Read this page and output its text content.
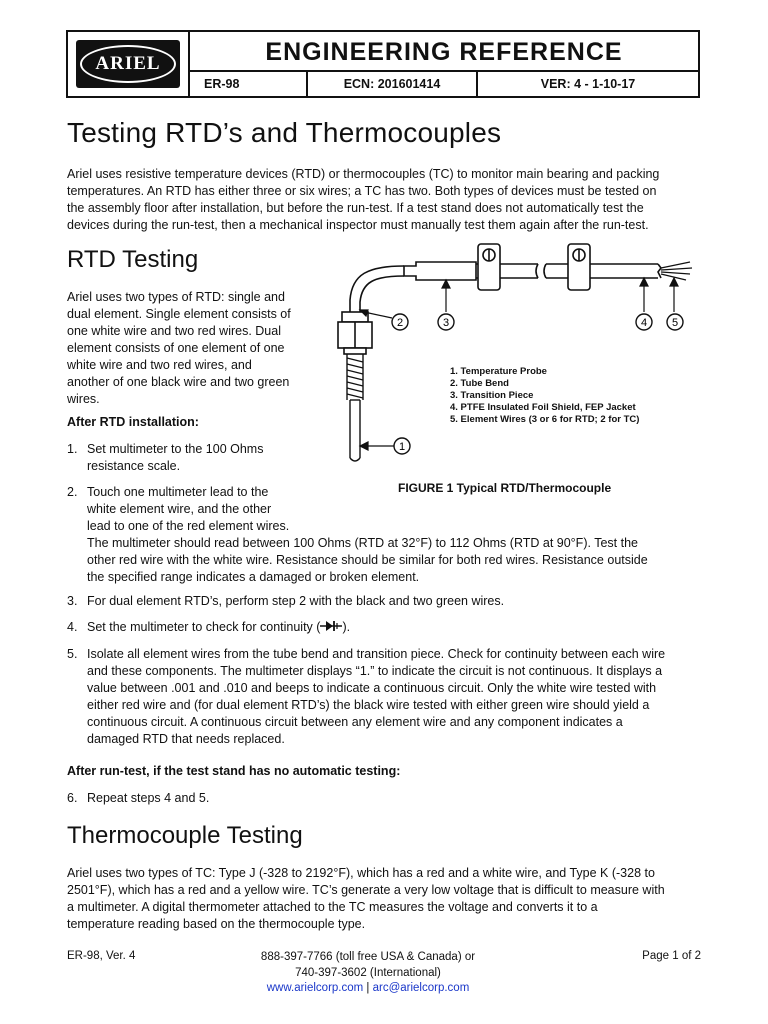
ARIEL	ENGINEERING REFERENCE
ER-98	ECN: 201601414	VER: 4 - 1-10-17
Testing RTD’s and Thermocouples
Ariel uses resistive temperature devices (RTD) or thermocouples (TC) to monitor main bearing and packing
temperatures. An RTD has either three or six wires; a TC has two. Both types of devices must be tested on
the assembly floor after installation, but before the run-test. If a test stand does not automatically test the
devices during the run-test, then a mechanical inspector must manually test them again after the run-test.
RTD Testing
Ariel uses two types of RTD: single and
dual element. Single element consists of
one white wire and two red wires. Dual
element consists of one element of one
white wire and two red wires, and
another of one black wire and two green
wires.
After RTD installation:
1. Set multimeter to the 100 Ohms
resistance scale.
2. Touch one multimeter lead to the
white element wire, and the other
lead to one of the red element wires.
The multimeter should read between 100 Ohms (RTD at 32°F) to 112 Ohms (RTD at 90°F). Test the
other red wire with the white wire. Resistance should be similar for both red wires. Resistance outside
the specified range indicates a damaged or broken element.
3. For dual element RTD’s, perform step 2 with the black and two green wires.
4. Set the multimeter to check for continuity ( ).
5. Isolate all element wires from the tube bend and transition piece. Check for continuity between each wire
and these components. The multimeter displays “1.” to indicate the circuit is not continuous. It displays a
value between .001 and .010 and beeps to indicate a continuous circuit. Only the white wire tested with
either red wire and (for dual element RTD’s) the black wire tested with either green wire should yield a
continuous circuit. A continuous circuit between any element wire and any component indicates a
damaged RTD that needs replaced.
After run-test, if the test stand has no automatic testing:
6. Repeat steps 4 and 5.
Thermocouple Testing
Ariel uses two types of TC: Type J (-328 to 2192°F), which has a red and a white wire, and Type K (-328 to
2501°F), which has a red and a yellow wire. TC’s generate a very low voltage that is difficult to measure with
a multimeter. A digital thermometer attached to the TC measures the voltage and converts it to a
temperature reading based on the thermocouple type.
1
2	3	4 5
1. Temperature Probe
2. Tube Bend
3. Transition Piece
4. PTFE Insulated Foil Shield, FEP Jacket
5. Element Wires (3 or 6 for RTD; 2 for TC)
FIGURE 1 Typical RTD/Thermocouple
ER-98, Ver. 4	888-397-7766 (toll free USA & Canada) or
740-397-3602 (International)
www.arielcorp.com | arc@arielcorp.com
Page 1 of 2
